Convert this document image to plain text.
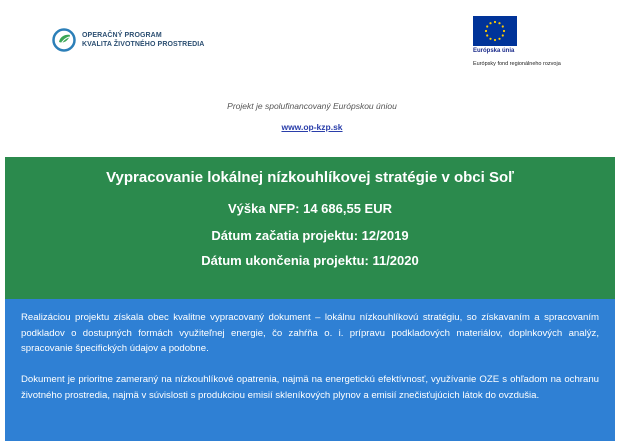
OPERAČNÝ PROGRAM
KVALITA ŽIVOTNÉHO PROSTREDIA
Európska únia
Európsky fond regionálneho rozvoja
Projekt je spolufinancovaný Európskou úniou
www.op-kzp.sk
Vypracovanie lokálnej nízkouhlíkovej stratégie v obci Soľ
Výška NFP: 14 686,55 EUR
Dátum začatia projektu: 12/2019
Dátum ukončenia projektu: 11/2020
Realizáciou projektu získala obec kvalitne vypracovaný dokument – lokálnu nízkouhlíkovú stratégiu, so získavaním a spracovaním podkladov o dostupných formách využiteľnej energie, čo zahŕňa o. i. prípravu podkladových materiálov, doplnkových analýz, spracovanie špecifických údajov a podobne.
Dokument je prioritne zameraný na nízkouhlíkové opatrenia, najmä na energetickú efektívnosť, využívanie OZE s ohľadom na ochranu životného prostredia, najmä v súvislosti s produkciou emisií skleníkových plynov a emisií znečisťujúcich látok do ovzdušia.
